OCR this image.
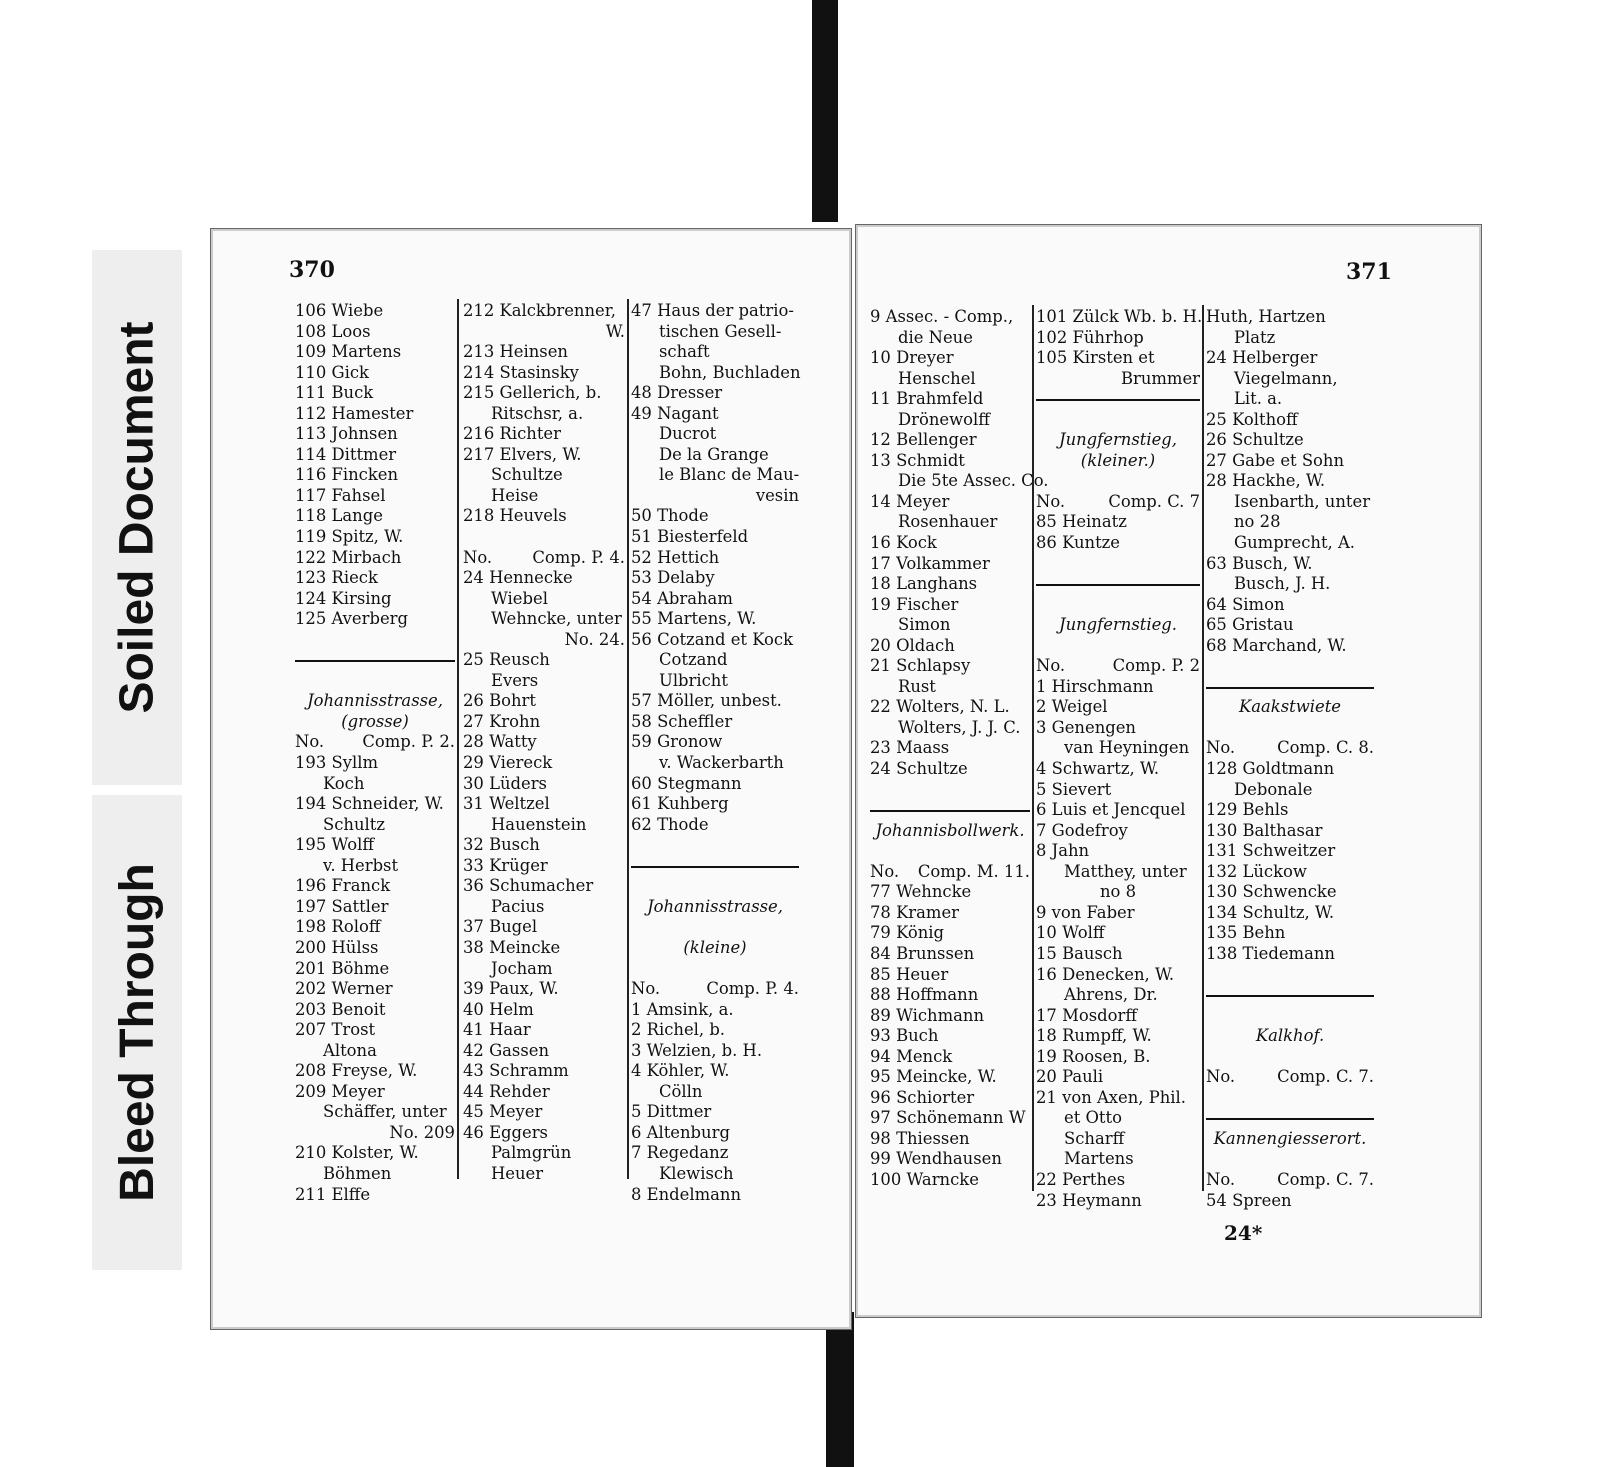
Soiled Document
Bleed Through
370
106 Wiebe
108 Loos
109 Martens
110 Gick
111 Buck
112 Hamester
113 Johnsen
114 Dittmer
116 Fincken
117 Fahsel
118 Lange
119 Spitz, W.
122 Mirbach
123 Rieck
124 Kirsing
125 Averberg
Johannisstrasse,
(grosse)
No. Comp. P. 2.
193 Syllm
Koch
194 Schneider, W.
Schultz
195 Wolff
v. Herbst
196 Franck
197 Sattler
198 Roloff
200 Hülss
201 Böhme
202 Werner
203 Benoit
207 Trost
Altona
208 Freyse, W.
209 Meyer
Schäffer, unter
No. 209
210 Kolster, W.
Böhmen
211 Elffe
212 Kalckbrenner,
W.
213 Heinsen
214 Stasinsky
215 Gellerich, b.
Ritschsr, a.
216 Richter
217 Elvers, W.
Schultze
Heise
218 Heuvels
No. Comp. P. 4.
24 Hennecke
Wiebel
Wehncke, unter
No. 24.
25 Reusch
Evers
26 Bohrt
27 Krohn
28 Watty
29 Viereck
30 Lüders
31 Weltzel
Hauenstein
32 Busch
33 Krüger
36 Schumacher
Pacius
37 Bugel
38 Meincke
Jocham
39 Paux, W.
40 Helm
41 Haar
42 Gassen
43 Schramm
44 Rehder
45 Meyer
46 Eggers
Palmgrün
Heuer
47 Haus der patrio-
tischen Gesell-
schaft
Bohn, Buchladen
48 Dresser
49 Nagant
Ducrot
De la Grange
le Blanc de Mau-
vesin
50 Thode
51 Biesterfeld
52 Hettich
53 Delaby
54 Abraham
55 Martens, W.
56 Cotzand et Kock
Cotzand
Ulbricht
57 Möller, unbest.
58 Scheffler
59 Gronow
v. Wackerbarth
60 Stegmann
61 Kuhberg
62 Thode
Johannisstrasse,
(kleine)
No.	Comp. P. 4.
1 Amsink, a.
2 Richel, b.
3 Welzien, b. H.
4 Köhler, W.
Cölln
5 Dittmer
6 Altenburg
7 Regedanz
Klewisch
8 Endelmann
371
9 Assec. - Comp.,
die Neue
10 Dreyer
Henschel
11 Brahmfeld
Drönewolff
12 Bellenger
13 Schmidt
Die 5te Assec. Co.
14 Meyer
Rosenhauer
16 Kock
17 Volkammer
18 Langhans
19 Fischer
Simon
20 Oldach
21 Schlapsy
Rust
22 Wolters, N. L.
Wolters, J. J. C.
23 Maass
24 Schultze
Johannisbollwerk.
No. Comp. M. 11.
77 Wehncke
78 Kramer
79 König
84 Brunssen
85 Heuer
88 Hoffmann
89 Wichmann
93 Buch
94 Menck
95 Meincke, W.
96 Schiorter
97 Schönemann W
98 Thiessen
99 Wendhausen
100 Warncke
101 Zülck Wb. b. H.
102 Führhop
105 Kirsten et
Brummer
Jungfernstieg,
(kleiner.)
No.	Comp. C. 7
85 Heinatz
86 Kuntze
Jungfernstieg.
No.	Comp. P. 2
1 Hirschmann
2 Weigel
3 Genengen
van Heyningen
4 Schwartz, W.
5 Sievert
6 Luis et Jencquel
7 Godefroy
8 Jahn
Matthey, unter
no 8
9 von Faber
10 Wolff
15 Bausch
16 Denecken, W.
Ahrens, Dr.
17 Mosdorff
18 Rumpff, W.
19 Roosen, B.
20 Pauli
21 von Axen, Phil.
et Otto
Scharff
Martens
22 Perthes
23 Heymann
Huth, Hartzen
Platz
24 Helberger
Viegelmann,
Lit. a.
25 Kolthoff
26 Schultze
27 Gabe et Sohn
28 Hackhe, W.
Isenbarth, unter
no 28
Gumprecht, A.
63 Busch, W.
Busch, J. H.
64 Simon
65 Gristau
68 Marchand, W.
Kaakstwiete
No.	Comp. C. 8.
128 Goldtmann
Debonale
129 Behls
130 Balthasar
131 Schweitzer
132 Lückow
130 Schwencke
134 Schultz, W.
135 Behn
138 Tiedemann
Kalkhof.
No.	Comp. C. 7.
Kannengiesserort.
No.	Comp. C. 7.
54 Spreen
24*
